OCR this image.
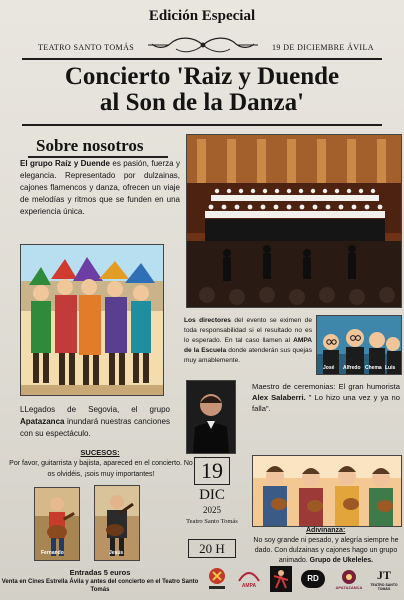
Edición Especial
TEATRO SANTO TOMÁS	19 DE DICIEMBRE ÁVILA
Concierto 'Raiz y Duende
al Son de la Danza'
Sobre nosotros
El grupo Raíz y Duende es pasión, fuerza y elegancia. Representado por dulzainas, cajones flamencos y danza, ofrecen un viaje de melodías y ritmos que se funden en una experiencia única.
Los directores del evento se eximen de toda responsabilidad si el resultado no es lo esperado. En tal caso llamen al AMPA de la Escuela donde atenderán sus quejas muy amablemente.
José Alfredo Chema Luis
Maestro de ceremonias: El gran humorista Alex Salaberri. " Lo hizo una vez y ya no falla".
LLegados de Segovia, el grupo Apatazanca inundará nuestras canciones con su espectáculo.
SUCESOS:
Por favor, guitarrista y bajista, apareced en el concierto. No os olvidéis, ¡sois muy importantes!
Fernando	Jesús
19
DIC
2025
Teatro Santo Tomás
20 H
Adivinanza:
No soy grande ni pesado, y alegría siempre he dado. Con dulzainas y cajones hago un grupo animado. Grupo de Ukeleles.
Entradas 5 euros
Venta en Cines Estrella Ávila y antes del concierto en el Teatro Santo Tomás
AMPA
RD
APATAZANCA
JT
TEATRO SANTO TOMÁS
